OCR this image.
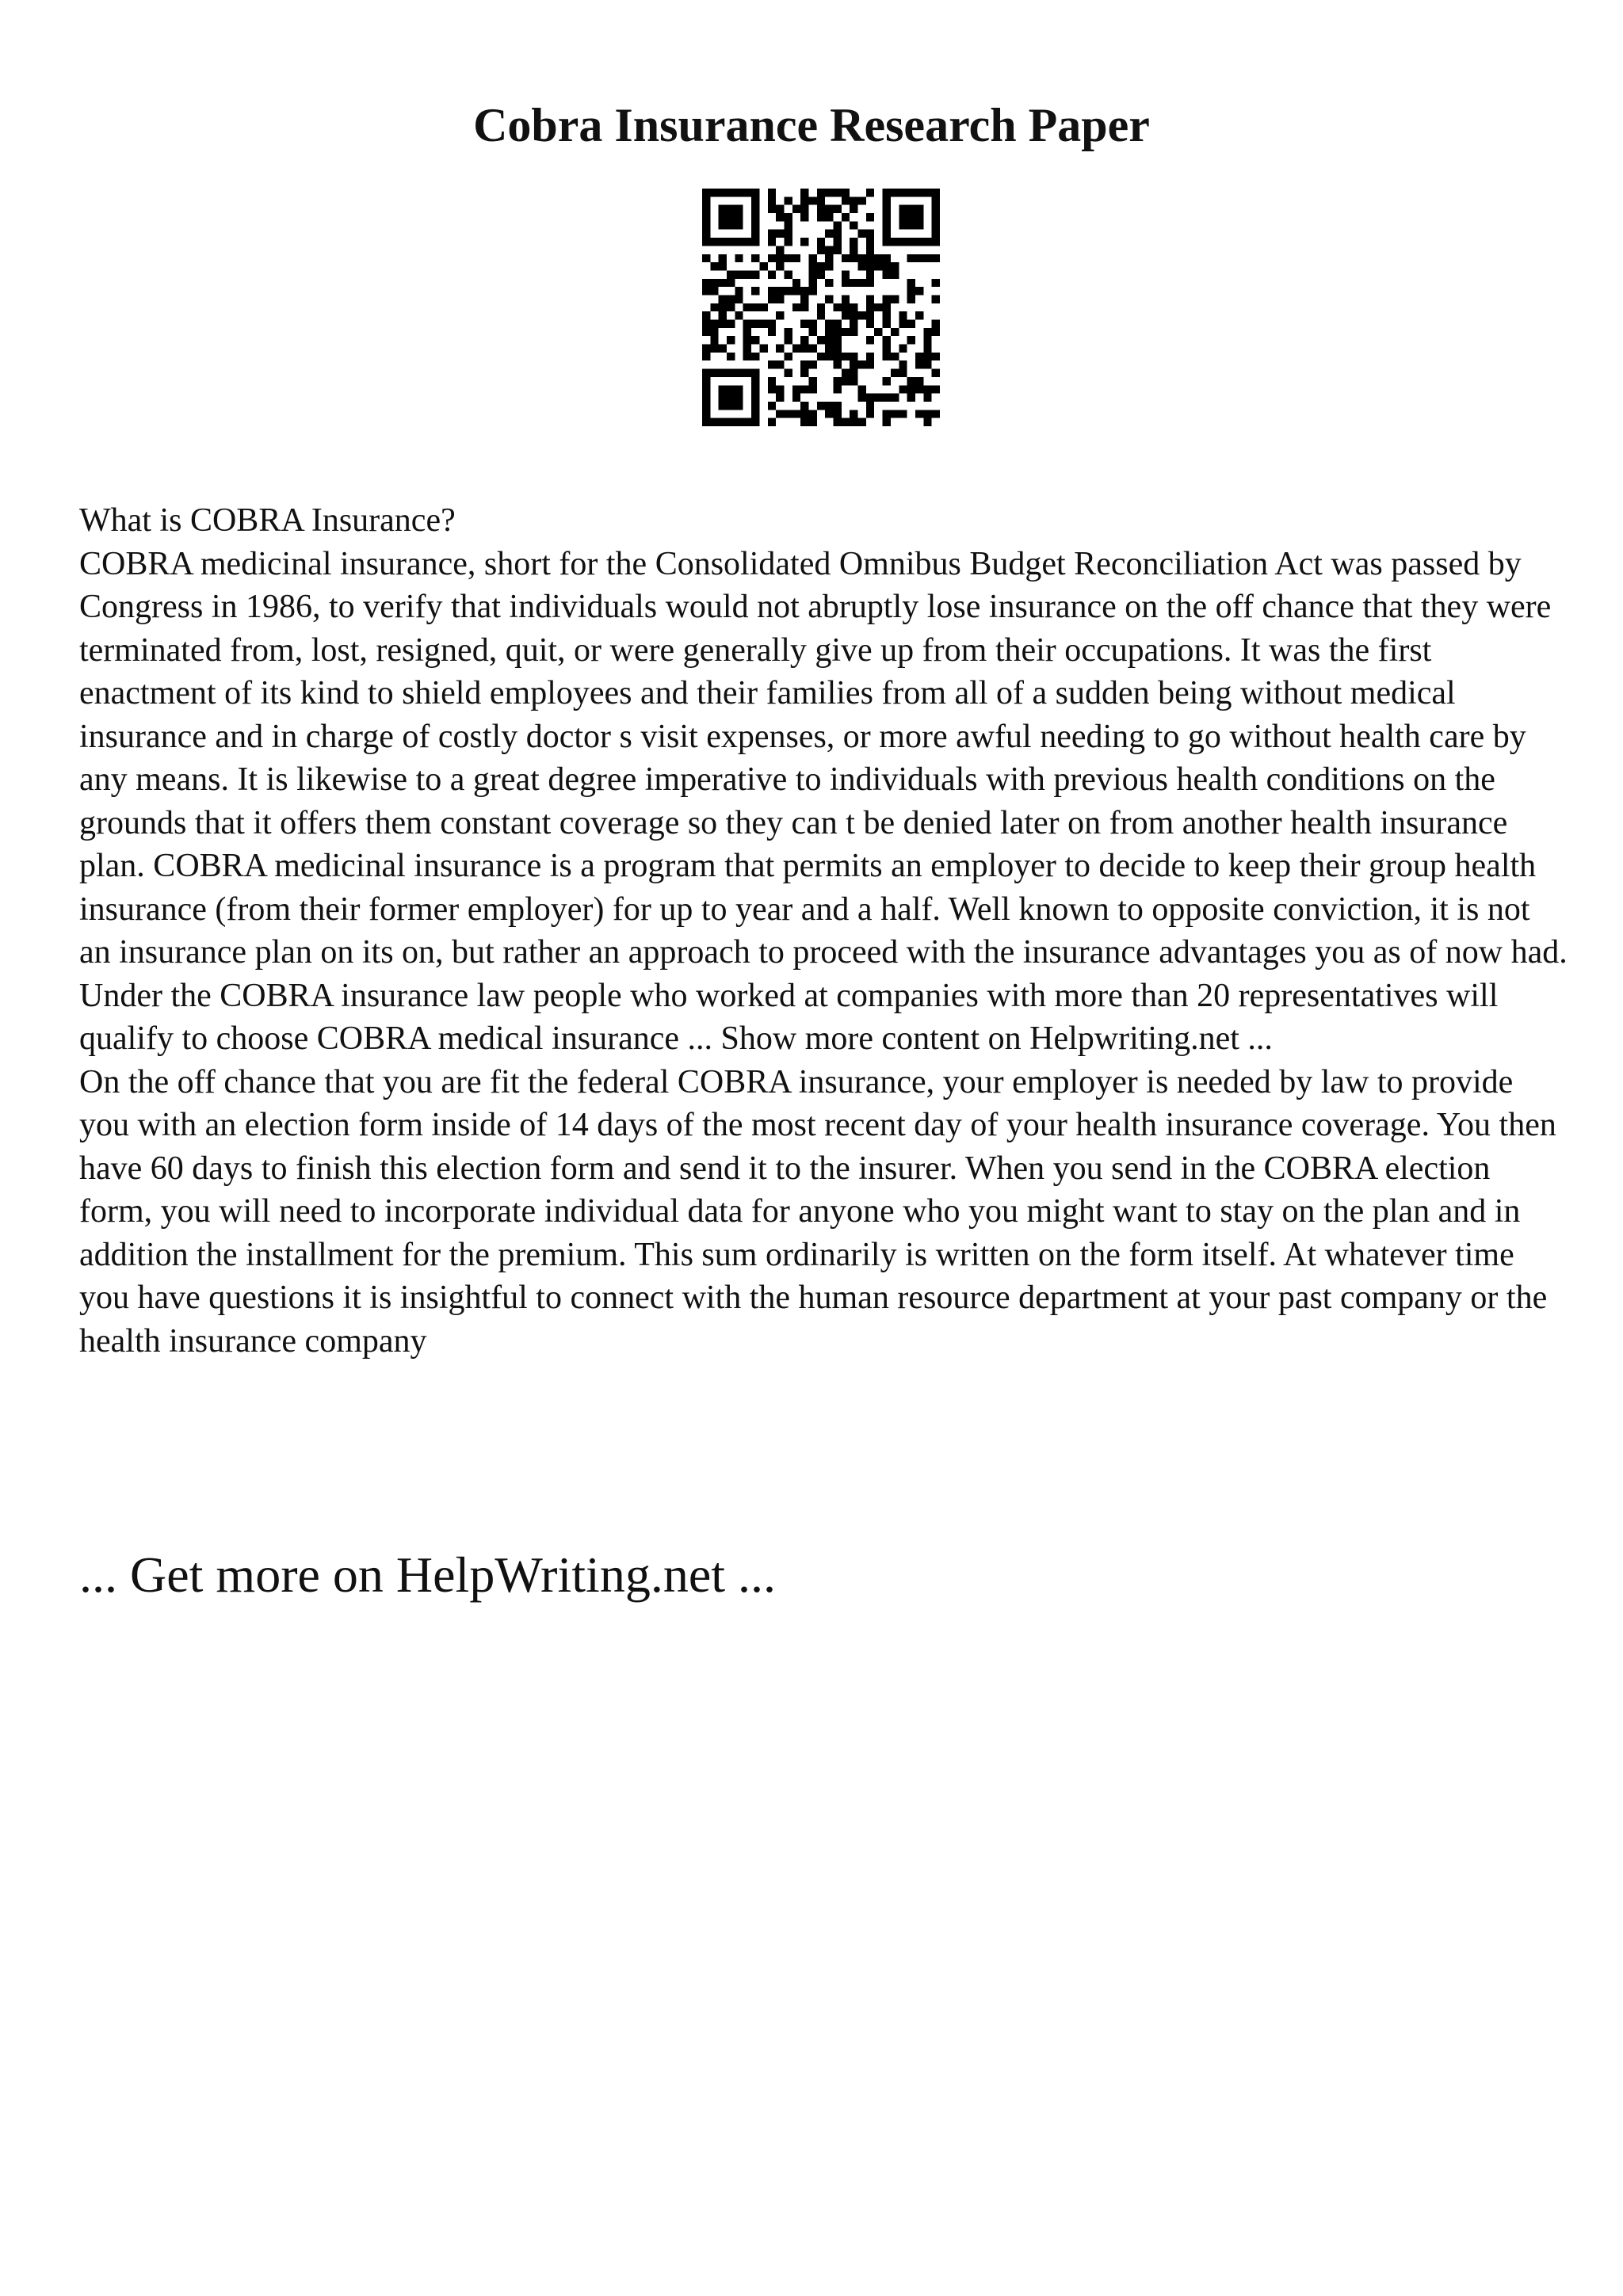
Cobra Insurance Research Paper

What is COBRA Insurance?

COBRA medicinal insurance, short for the Consolidated Omnibus Budget Reconciliation Act was passed by Congress in 1986, to verify that individuals would not abruptly lose insurance on the off chance that they were terminated from, lost, resigned, quit, or were generally give up from their occupations. It was the first enactment of its kind to shield employees and their families from all of a sudden being without medical insurance and in charge of costly doctor s visit expenses, or more awful needing to go without health care by any means. It is likewise to a great degree imperative to individuals with previous health conditions on the grounds that it offers them constant coverage so they can t be denied later on from another health insurance plan. COBRA medicinal insurance is a program that permits an employer to decide to keep their group health insurance (from their former employer) for up to year and a half. Well known to opposite conviction, it is not an insurance plan on its on, but rather an approach to proceed with the insurance advantages you as of now had. Under the COBRA insurance law people who worked at companies with more than 20 representatives will qualify to choose COBRA medical insurance ... Show more content on Helpwriting.net ...

On the off chance that you are fit the federal COBRA insurance, your employer is needed by law to provide you with an election form inside of 14 days of the most recent day of your health insurance coverage. You then have 60 days to finish this election form and send it to the insurer. When you send in the COBRA election form, you will need to incorporate individual data for anyone who you might want to stay on the plan and in addition the installment for the premium. This sum ordinarily is written on the form itself. At whatever time you have questions it is insightful to connect with the human resource department at your past company or the health insurance company

... Get more on HelpWriting.net ...
